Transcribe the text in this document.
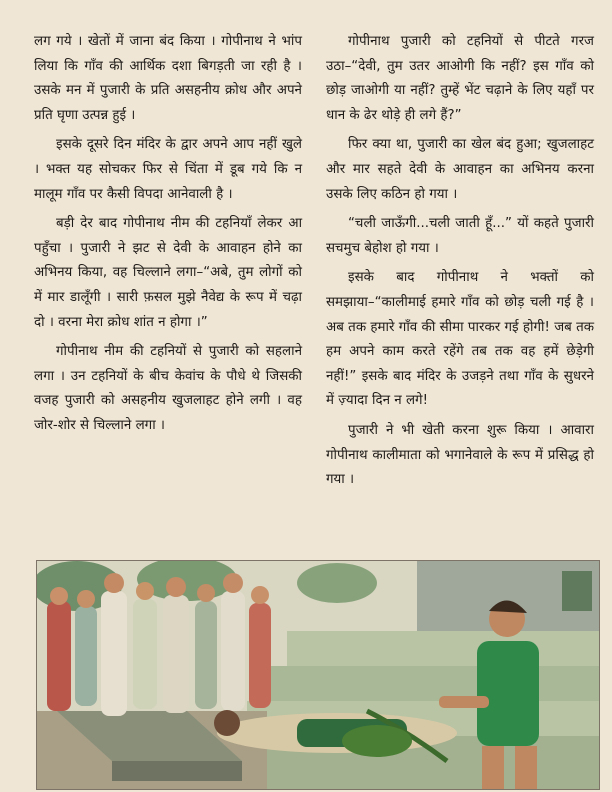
लग गये । खेतों में जाना बंद किया । गोपीनाथ ने भांप लिया कि गाँव की आर्थिक दशा बिगड़ती जा रही है । उसके मन में पुजारी के प्रति असहनीय क्रोध और अपने प्रति घृणा उत्पन्न हुई ।

इसके दूसरे दिन मंदिर के द्वार अपने आप नहीं खुले । भक्त यह सोचकर फिर से चिंता में डूब गये कि न मालूम गाँव पर कैसी विपदा आनेवाली है ।

बड़ी देर बाद गोपीनाथ नीम की टहनियाँ लेकर आ पहुँचा । पुजारी ने झट से देवी के आवाहन होने का अभिनय किया, वह चिल्लाने लगा–“अबे, तुम लोगों को में मार डालूँगी । सारी फ़सल मुझे नैवेद्य के रूप में चढ़ा दो । वरना मेरा क्रोध शांत न होगा ।”

गोपीनाथ नीम की टहनियों से पुजारी को सहलाने लगा । उन टहनियों के बीच केवांच के पौधे थे जिसकी वजह पुजारी को असहनीय खुजलाहट होने लगी । वह जोर-शोर से चिल्लाने लगा ।

गोपीनाथ पुजारी को टहनियों से पीटते गरज उठा–“देवी, तुम उतर आओगी कि नहीं? इस गाँव को छोड़ जाओगी या नहीं? तुम्हें भेंट चढ़ाने के लिए यहाँ पर धान के ढेर थोड़े ही लगे हैं?”

फिर क्या था, पुजारी का खेल बंद हुआ; खुजलाहट और मार सहते देवी के आवाहन का अभिनय करना उसके लिए कठिन हो गया ।

“चली जाऊँगी...चली जाती हूँ...” यों कहते पुजारी सचमुच बेहोश हो गया ।

इसके बाद गोपीनाथ ने भक्तों को समझाया–“कालीमाई हमारे गाँव को छोड़ चली गई है । अब तक हमारे गाँव की सीमा पारकर गई होगी! जब तक हम अपने काम करते रहेंगे तब तक वह हमें छेड़ेगी नहीं!” इसके बाद मंदिर के उजड़ने तथा गाँव के सुधरने में ज़्यादा दिन न लगे!

पुजारी ने भी खेती करना शुरू किया । आवारा गोपीनाथ कालीमाता को भगानेवाले के रूप में प्रसिद्ध हो गया ।
